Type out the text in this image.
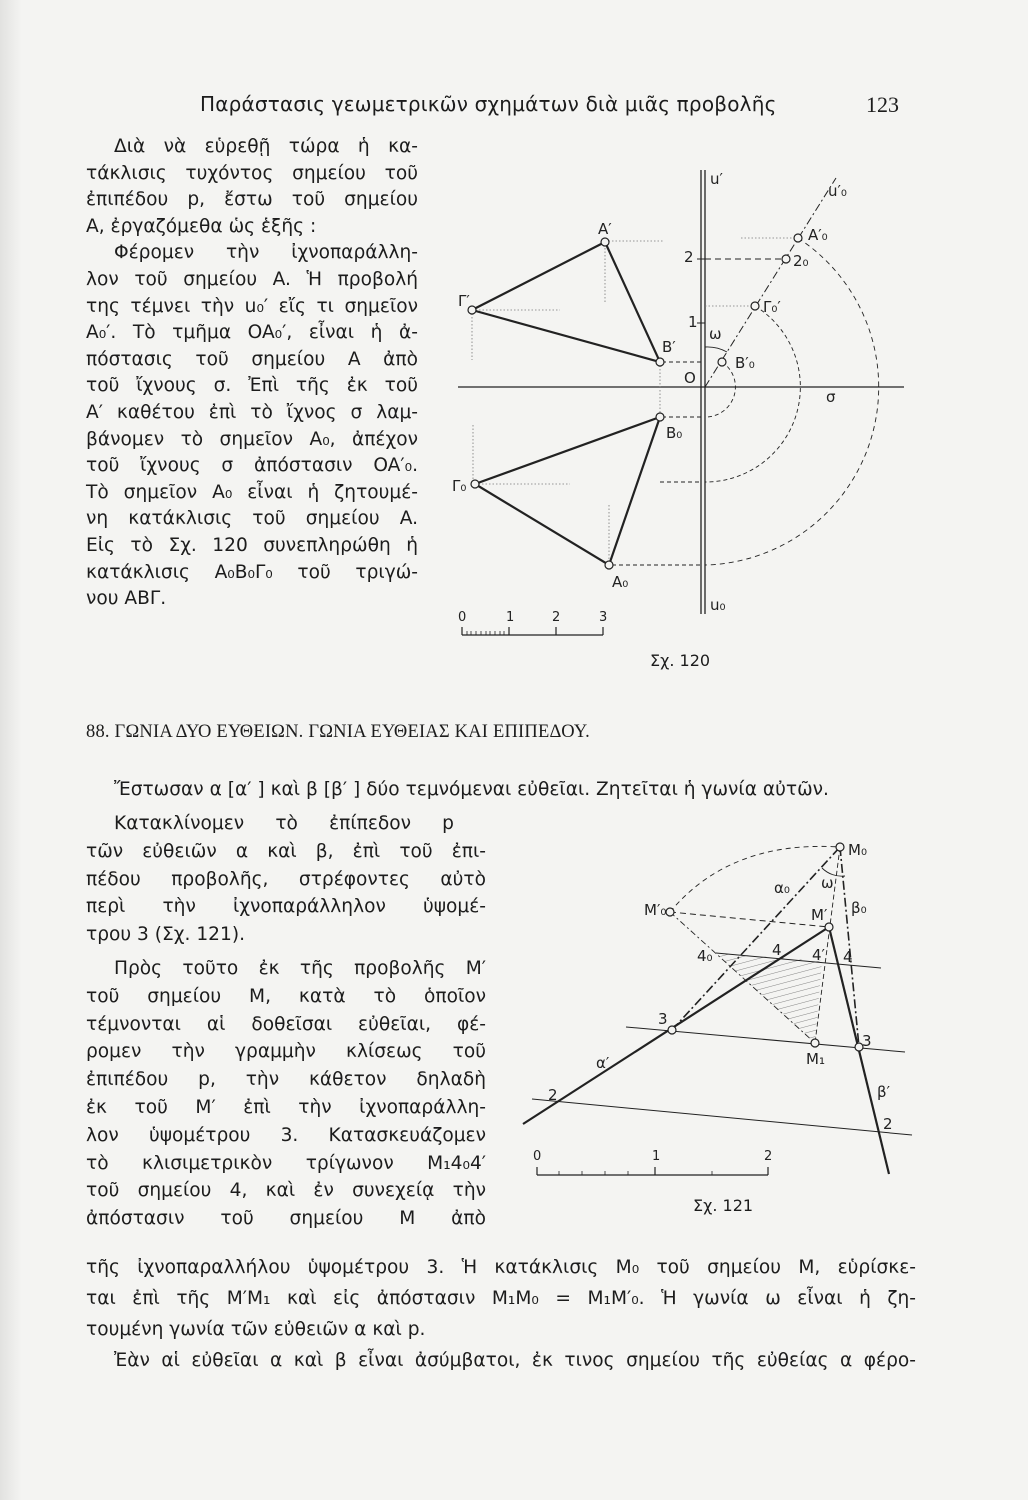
Παράστασις γεωμετρικῶν σχημάτων διὰ μιᾶς προβολῆς	123
Διὰ νὰ εὑρεθῇ τώρα ἡ κα-
τάκλισις τυχόντος σημείου τοῦ
ἐπιπέδου p, ἔστω τοῦ σημείου
A, ἐργαζόμεθα ὡς ἑξῆς :
Φέρομεν τὴν ἰχνοπαράλλη-
λον τοῦ σημείου A. Ἡ προβολή
της τέμνει τὴν u₀′ εἴς τι σημεῖον
A₀′. Τὸ τμῆμα OA₀′, εἶναι ἡ ἀ-
πόστασις τοῦ σημείου A ἀπὸ
τοῦ ἴχνους σ. Ἐπὶ τῆς ἐκ τοῦ
A′ καθέτου ἐπὶ τὸ ἴχνος σ λαμ-
βάνομεν τὸ σημεῖον A₀, ἀπέχον
τοῦ ἴχνους σ ἀπόστασιν OA′₀.
Τὸ σημεῖον A₀ εἶναι ἡ ζητουμέ-
νη κατάκλισις τοῦ σημείου A.
Εἰς τὸ Σχ. 120 συνεπληρώθη ἡ
κατάκλισις A₀B₀Γ₀ τοῦ τριγώ-
νου ABΓ.
u′
u′₀
A′
Γ′
B′
A′₀
2₀
Γ₀′
B′₀
ω
2
1
O
σ
B₀
Γ₀
A₀
u₀
0	1	2	3
Σχ. 120
88. ΓΩΝΙΑ ΔΥΟ ΕΥΘΕΙΩΝ. ΓΩΝΙΑ ΕΥΘΕΙΑΣ ΚΑΙ ΕΠΙΠΕΔΟΥ.
Ἔστωσαν α [α′ ] καὶ β [β′ ] δύο τεμνόμεναι εὐθεῖαι. Ζητεῖται ἡ γωνία αὐτῶν.
Κατακλίνομεν τὸ ἐπίπεδον p
τῶν εὐθειῶν α καὶ β, ἐπὶ τοῦ ἐπι-
πέδου προβολῆς, στρέφοντες αὐτὸ
περὶ τὴν ἰχνοπαράλληλον ὑψομέ-
τρου 3 (Σχ. 121).
Πρὸς τοῦτο ἐκ τῆς προβολῆς M′
τοῦ σημείου M, κατὰ τὸ ὁποῖον
τέμνονται αἱ δοθεῖσαι εὐθεῖαι, φέ-
ρομεν τὴν γραμμὴν κλίσεως τοῦ
ἐπιπέδου p, τὴν κάθετον δηλαδὴ
ἐκ τοῦ M′ ἐπὶ τὴν ἰχνοπαράλλη-
λον ὑψομέτρου 3. Κατασκευάζομεν
τὸ κλισιμετρικὸν τρίγωνον M₁4₀4′
τοῦ σημείου 4, καὶ ἐν συνεχείᾳ τὴν
ἀπόστασιν τοῦ σημείου M ἀπὸ
M₀
M′₀	M′
α₀
β₀
ω
4₀	4 4′ 4
3
3
M₁
α′
β′
2
2
0	1	2
Σχ. 121
τῆς ἰχνοπαραλλήλου ὑψομέτρου 3. Ἡ κατάκλισις M₀ τοῦ σημείου M, εὑρίσκε-
ται ἐπὶ τῆς M′M₁ καὶ εἰς ἀπόστασιν M₁M₀ = M₁M′₀. Ἡ γωνία ω εἶναι ἡ ζη-
τουμένη γωνία τῶν εὐθειῶν α καὶ p.
Ἐὰν αἱ εὐθεῖαι α καὶ β εἶναι ἀσύμβατοι, ἐκ τινος σημείου τῆς εὐθείας α φέρο-
